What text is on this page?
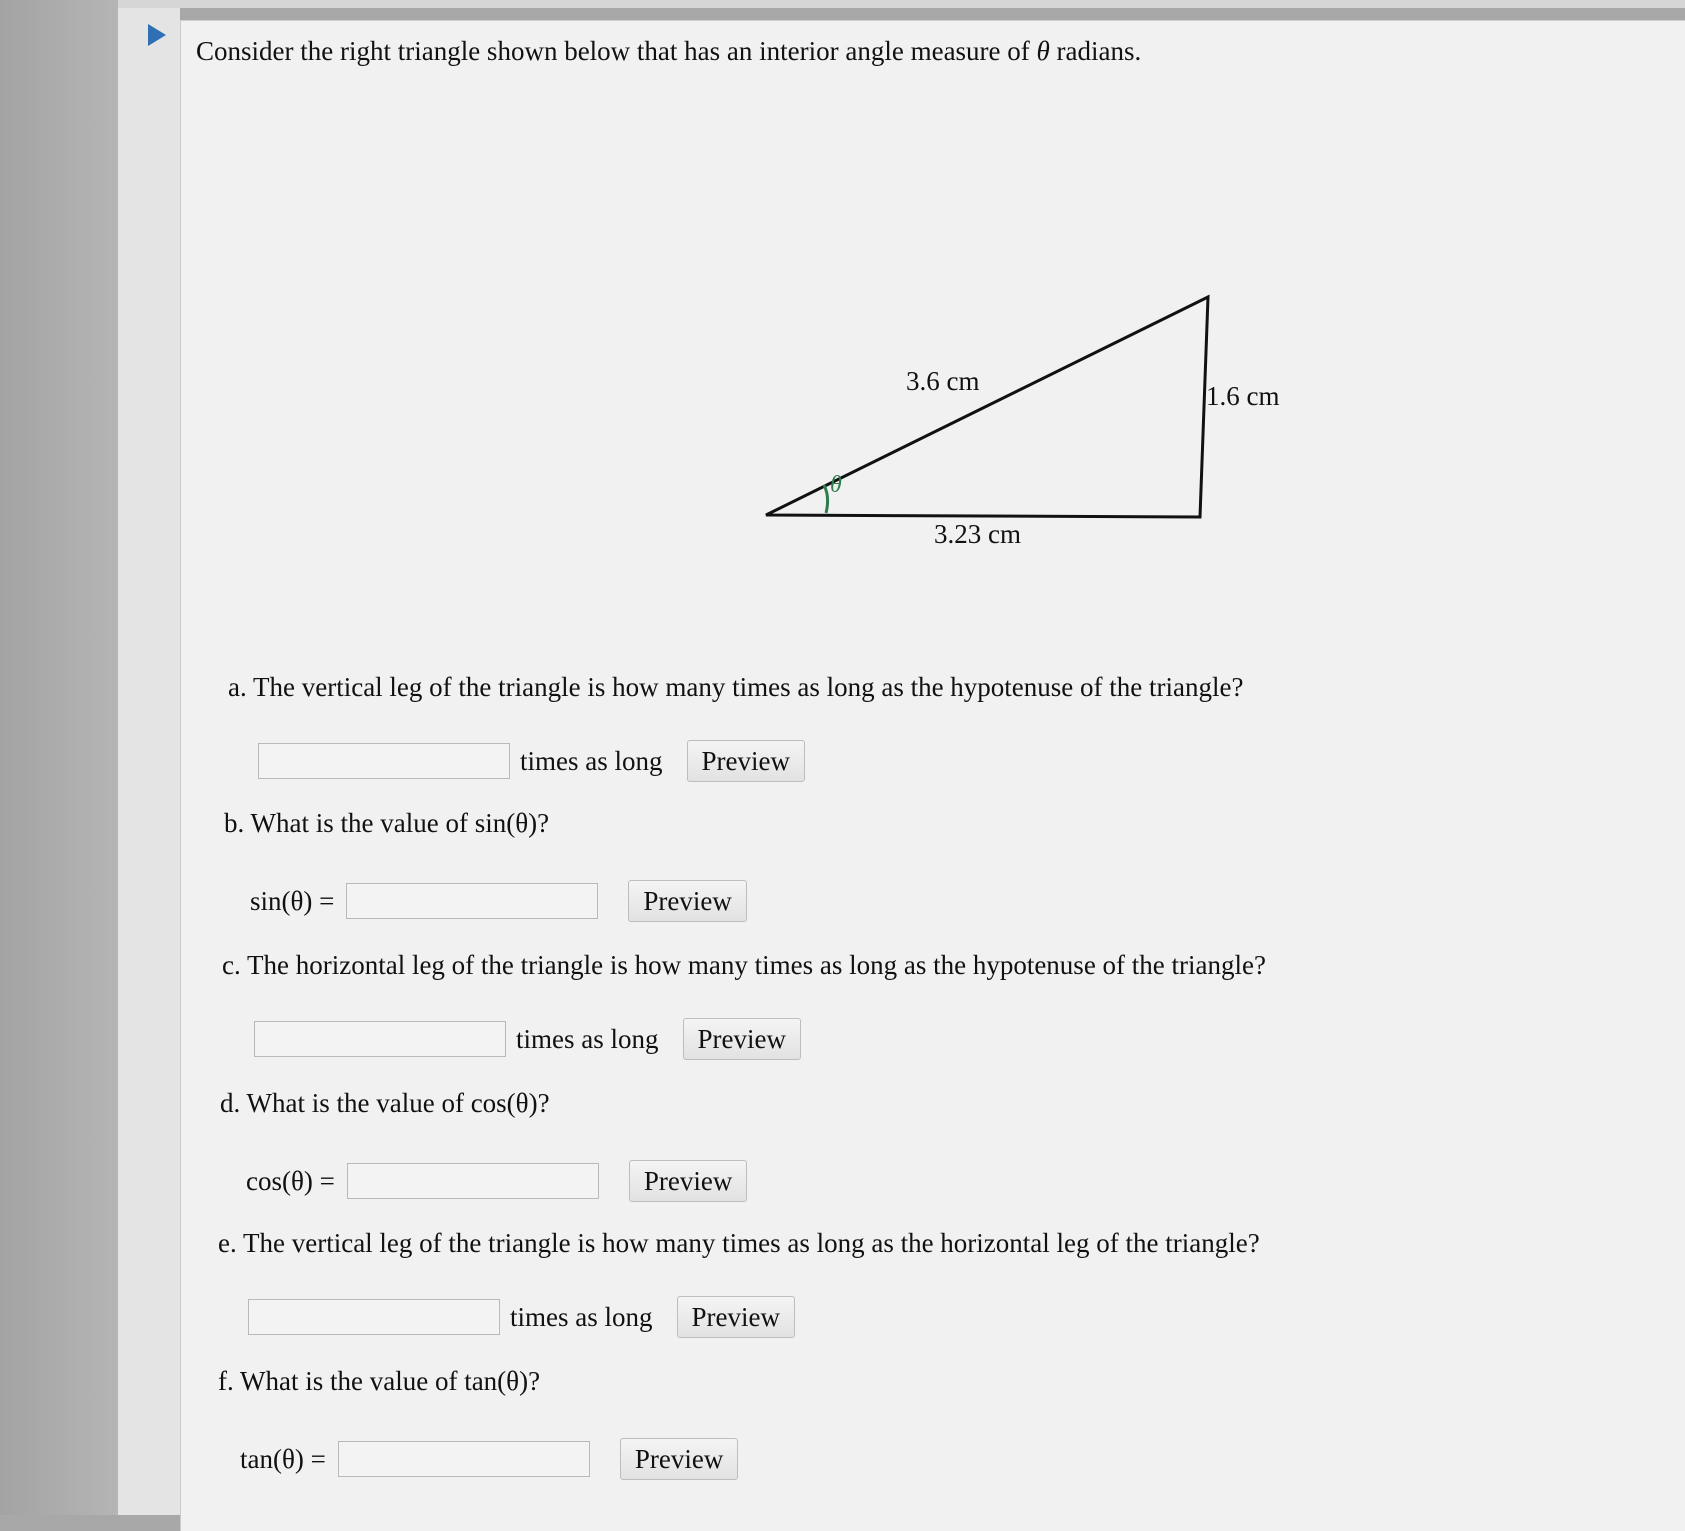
Consider the right triangle shown below that has an interior angle measure of θ radians.
θ
3.6 cm	1.6 cm
3.23 cm
a. The vertical leg of the triangle is how many times as long as the hypotenuse of the triangle?
times as long	Preview
b. What is the value of sin(θ)?
sin(θ) =	Preview
c. The horizontal leg of the triangle is how many times as long as the hypotenuse of the triangle?
times as long	Preview
d. What is the value of cos(θ)?
cos(θ) =	Preview
e. The vertical leg of the triangle is how many times as long as the horizontal leg of the triangle?
times as long	Preview
f. What is the value of tan(θ)?
tan(θ) =	Preview
